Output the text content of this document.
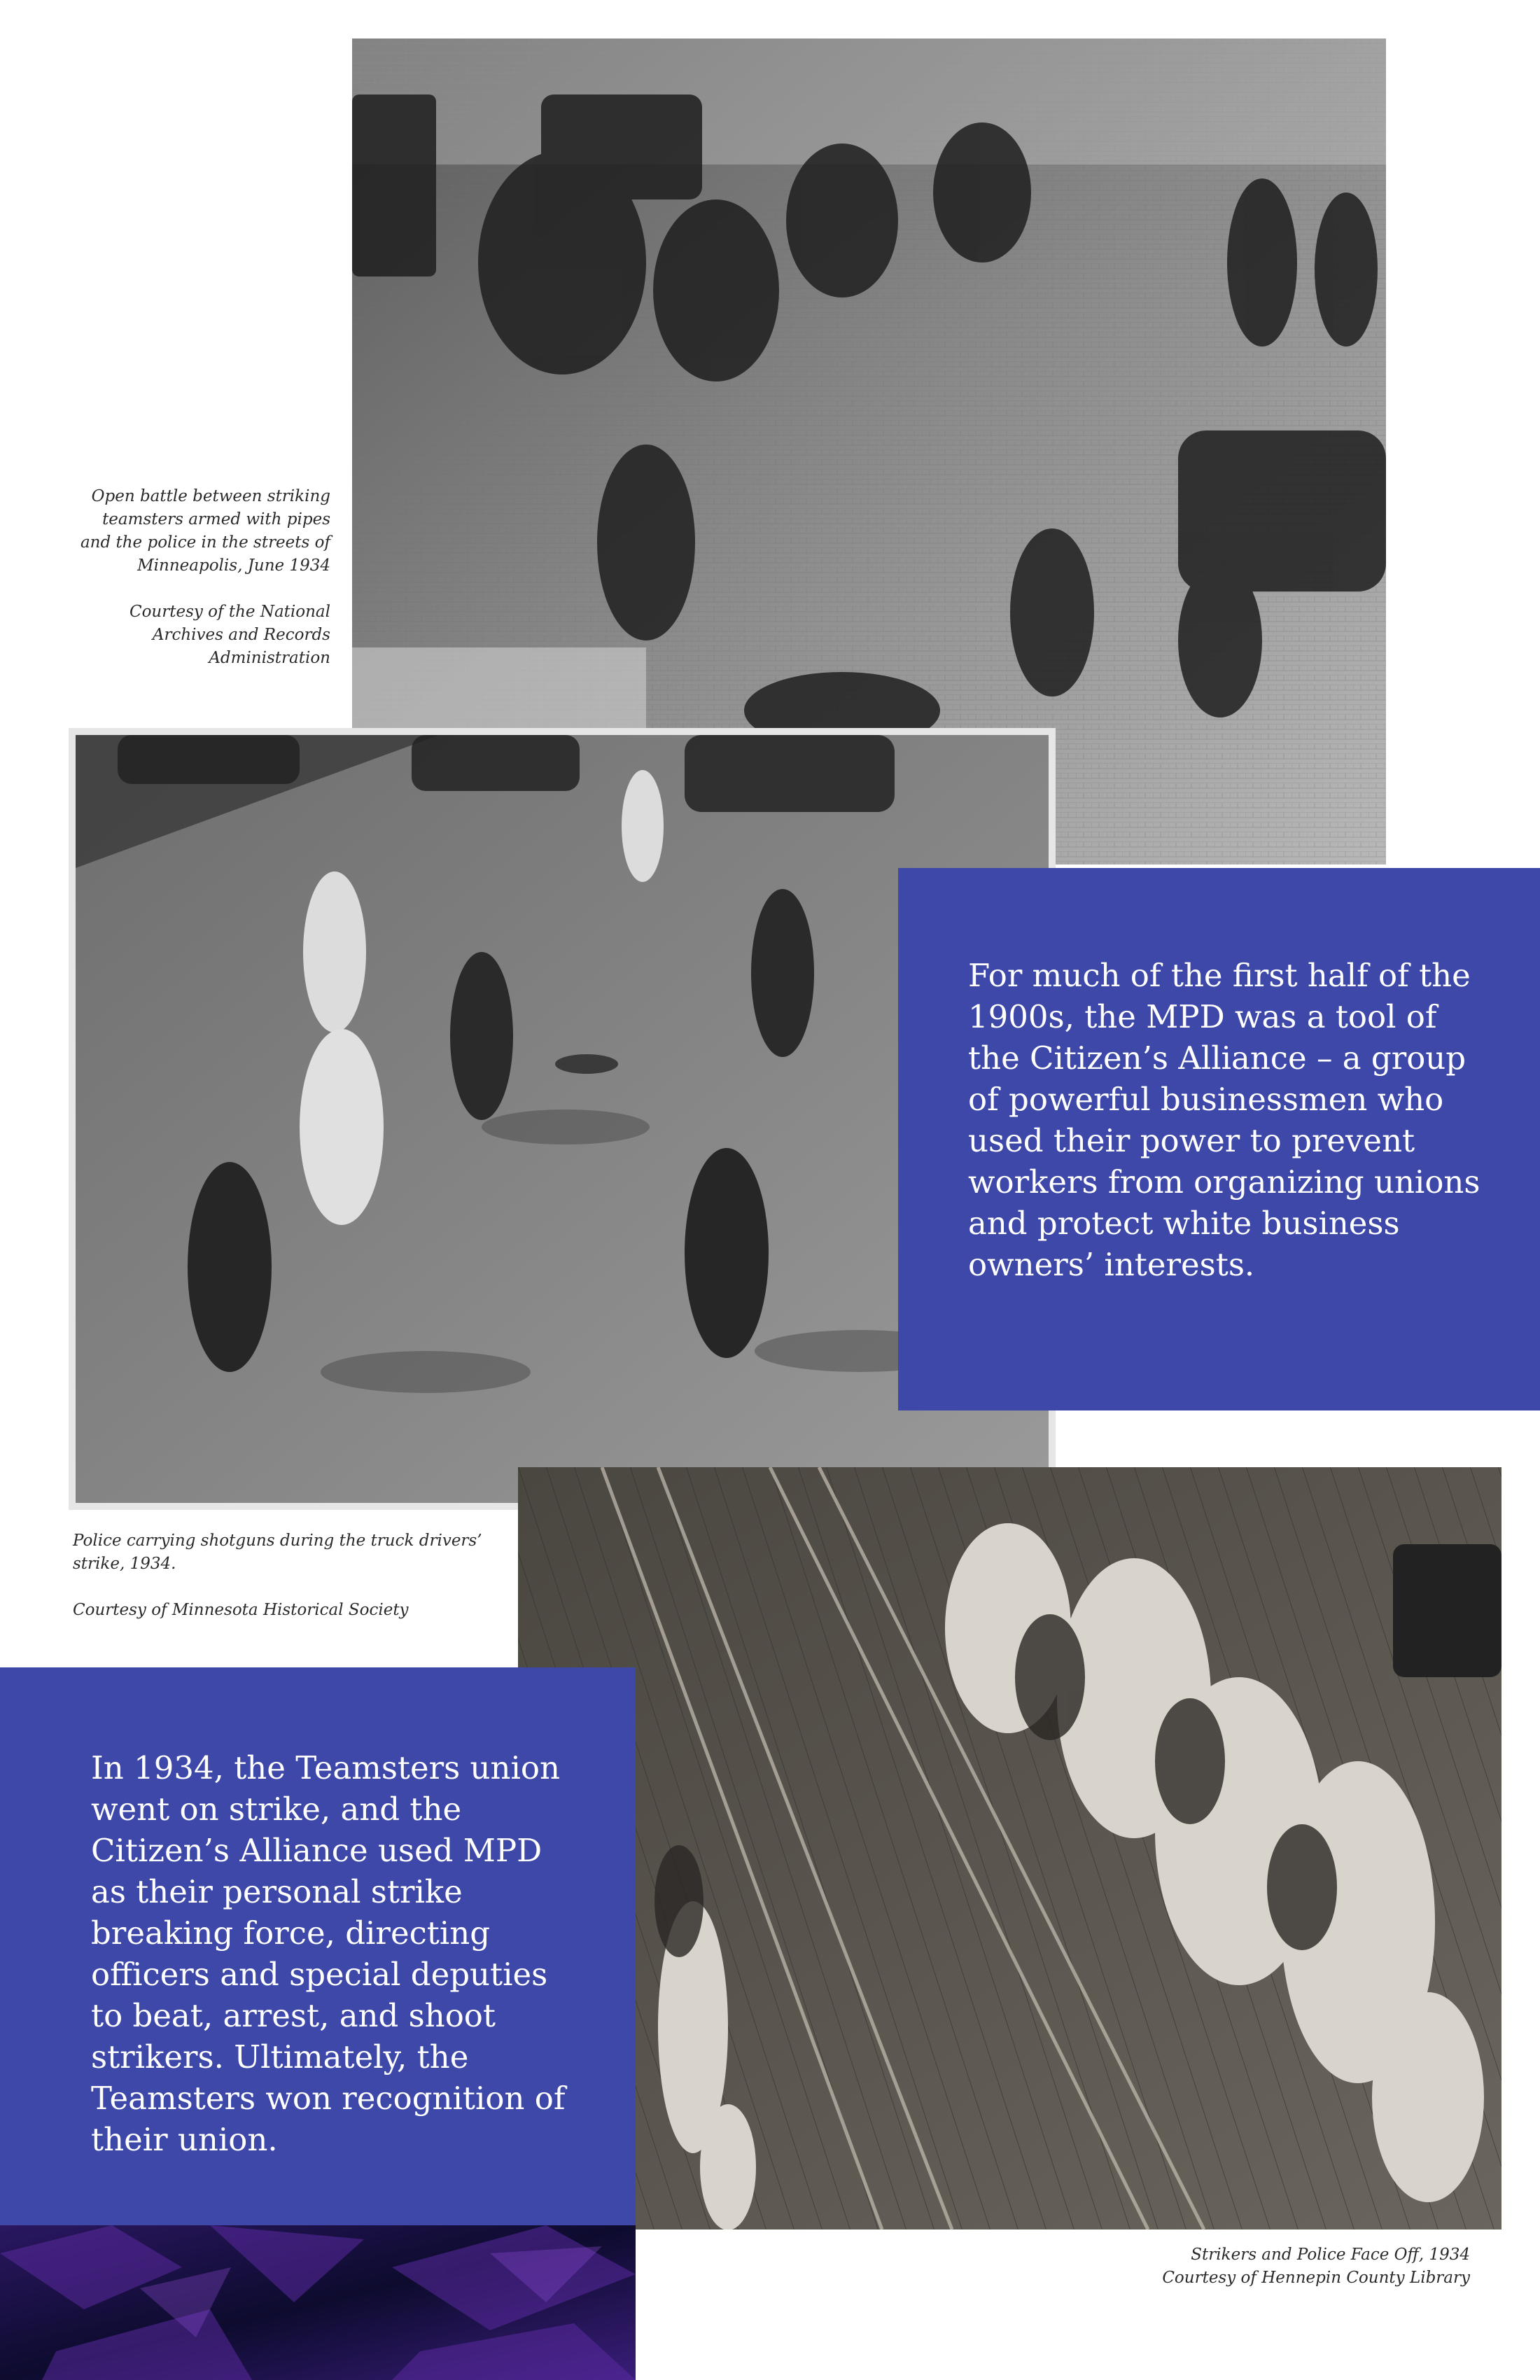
Open battle between striking teamsters armed with pipes and the police in the streets of Minneapolis, June 1934

Courtesy of the National Archives and Records Administration

Police carrying shotguns during the truck drivers’ strike, 1934.

Courtesy of Minnesota Historical Society

Strikers and Police Face Off, 1934

Courtesy of Hennepin County Library

For much of the first half of the 1900s, the MPD was a tool of the Citizen’s Alliance – a group of powerful businessmen who used their power to prevent workers from organizing unions and protect white business owners’ interests.
In 1934, the Teamsters union went on strike, and the Citizen’s Alliance used MPD as their personal strike breaking force, directing officers and special deputies to beat, arrest, and shoot strikers. Ultimately, the Teamsters won recognition of their union.
